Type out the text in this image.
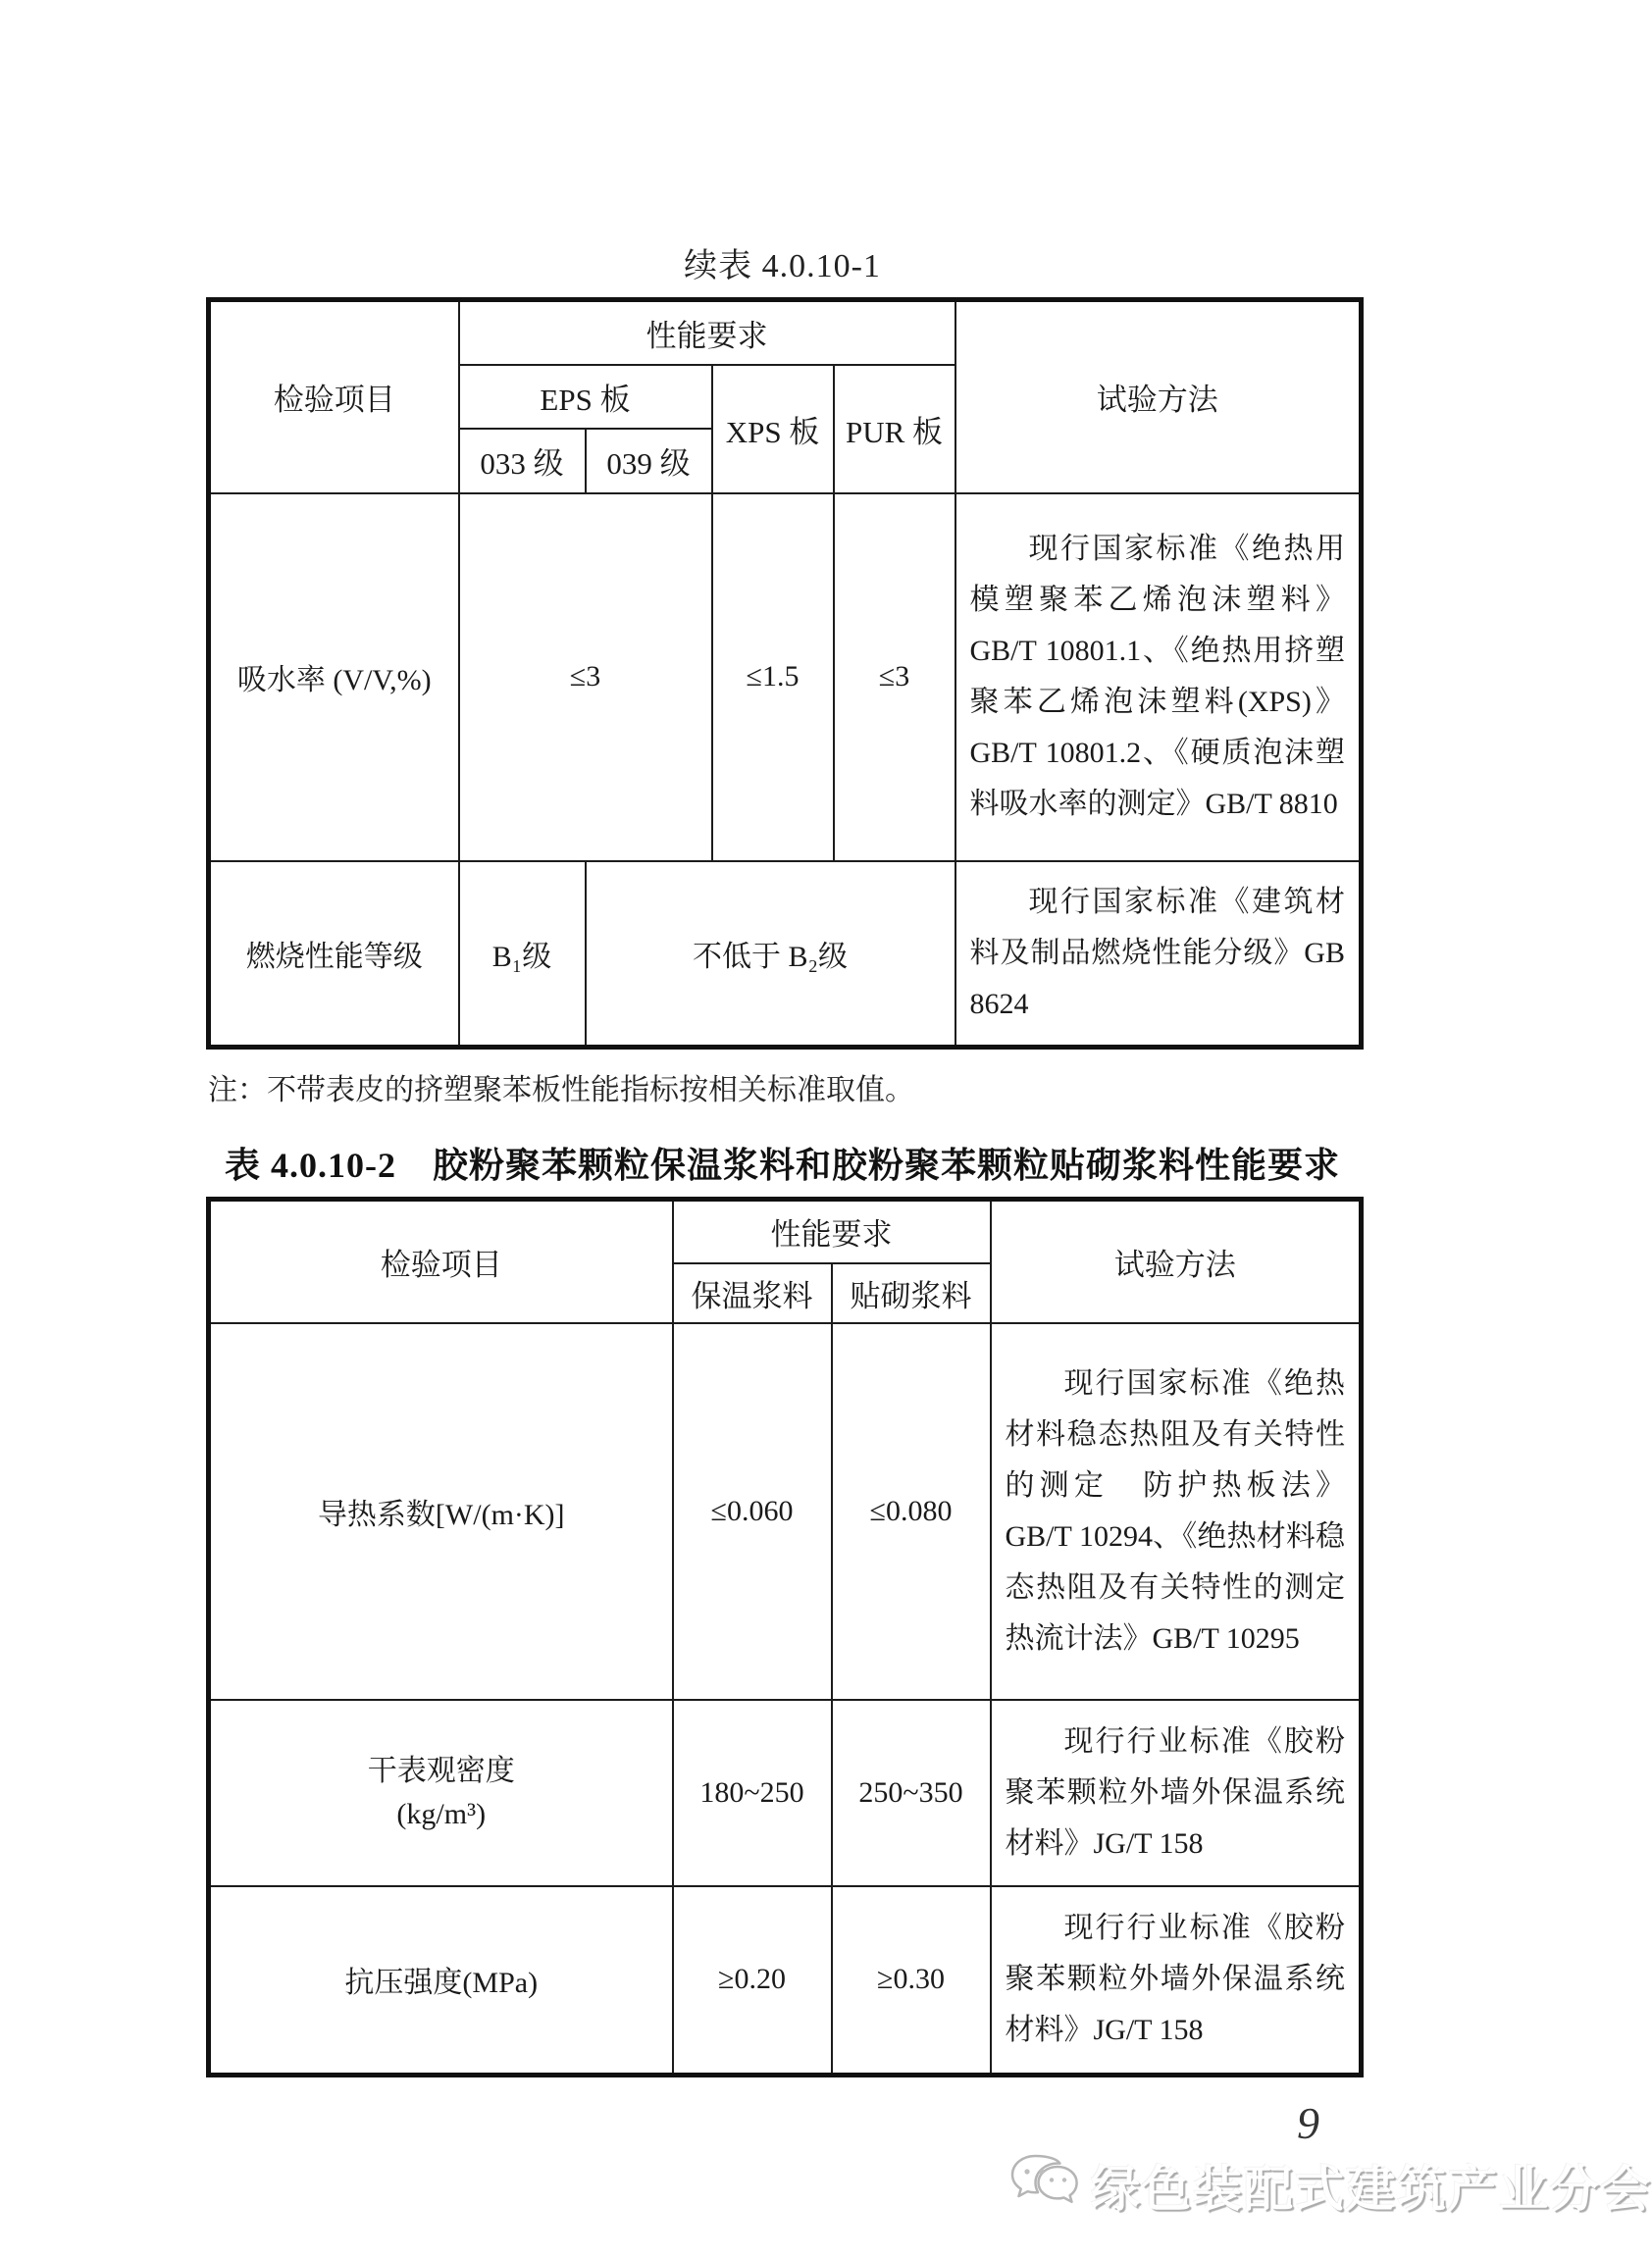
续表 4.0.10-1
检验项目	性能要求				试验方法
	EPS 板		XPS 板	PUR 板	
	033 级	039 级			
吸水率 (V/V,%)	≤3		≤1.5	≤3	现行国家标准《绝热用模塑聚苯乙烯泡沫塑料》GB/T 10801.1、《绝热用挤塑聚苯乙烯泡沫塑料(XPS)》GB/T 10801.2、《硬质泡沫塑料吸水率的测定》GB/T 8810

燃烧性能等级	B₁级	不低于 B₂级			现行国家标准《建筑材料及制品燃烧性能分级》GB 8624
注：不带表皮的挤塑聚苯板性能指标按相关标准取值。
表 4.0.10-2　胶粉聚苯颗粒保温浆料和胶粉聚苯颗粒贴砌浆料性能要求
检验项目	性能要求		试验方法
	保温浆料	贴砌浆料	
导热系数[W/(m·K)]	≤0.060	≤0.080	现行国家标准《绝热材料稳态热阻及有关特性的测定　防护热板法》GB/T 10294、《绝热材料稳态热阻及有关特性的测定　热流计法》GB/T 10295

干表观密度
(kg/m³)	180~250	250~350	现行行业标准《胶粉聚苯颗粒外墙外保温系统材料》JG/T 158

抗压强度(MPa)	≥0.20	≥0.30	现行行业标准《胶粉聚苯颗粒外墙外保温系统材料》JG/T 158
9
绿色装配式建筑产业分会
